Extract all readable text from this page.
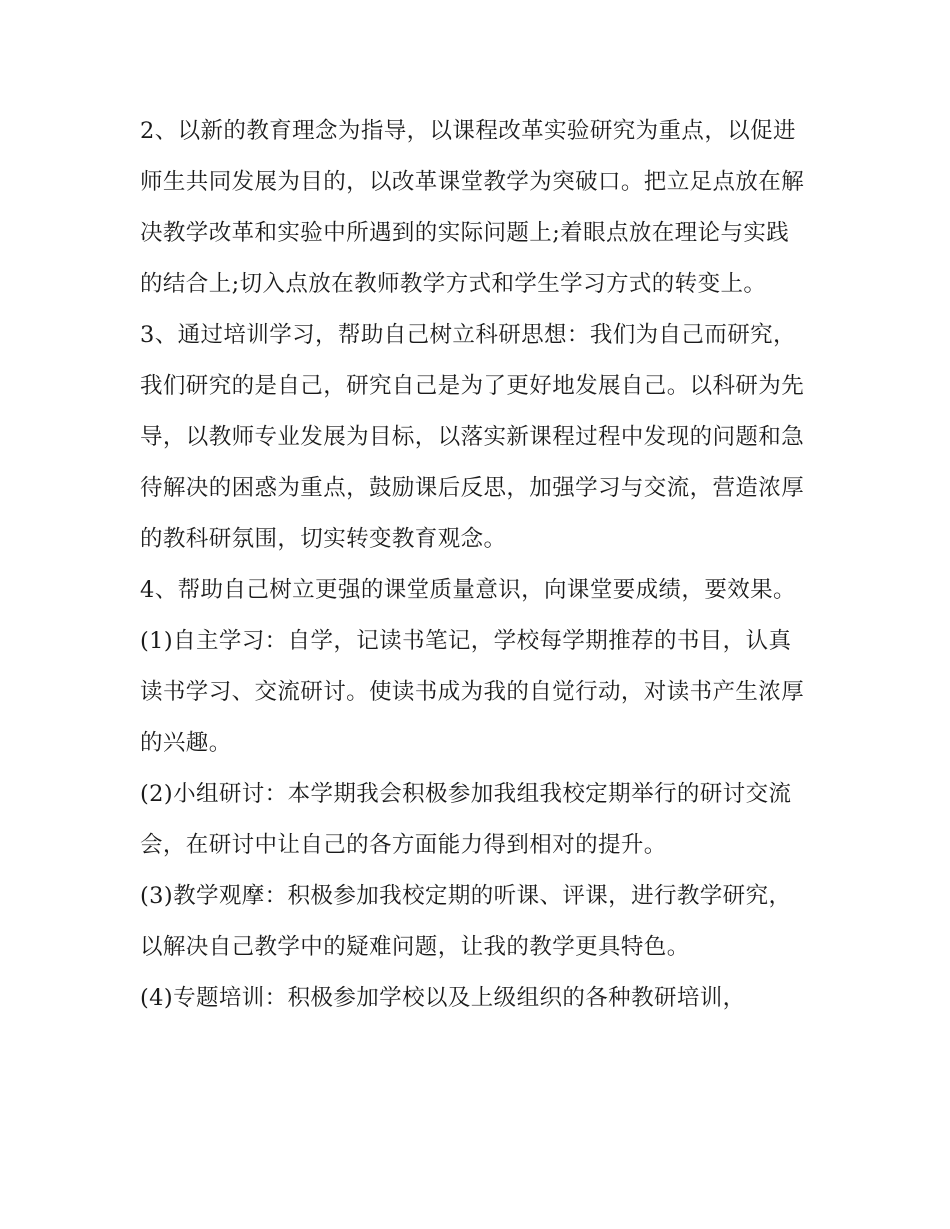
2、以新的教育理念为指导，以课程改革实验研究为重点，以促进师生共同发展为目的，以改革课堂教学为突破口。把立足点放在解决教学改革和实验中所遇到的实际问题上;着眼点放在理论与实践的结合上;切入点放在教师教学方式和学生学习方式的转变上。

3、通过培训学习，帮助自己树立科研思想：我们为自己而研究，我们研究的是自己，研究自己是为了更好地发展自己。以科研为先导，以教师专业发展为目标，以落实新课程过程中发现的问题和急待解决的困惑为重点，鼓励课后反思，加强学习与交流，营造浓厚的教科研氛围，切实转变教育观念。

4、帮助自己树立更强的课堂质量意识，向课堂要成绩，要效果。

(1)自主学习：自学，记读书笔记，学校每学期推荐的书目，认真读书学习、交流研讨。使读书成为我的自觉行动，对读书产生浓厚的兴趣。

(2)小组研讨：本学期我会积极参加我组我校定期举行的研讨交流会，在研讨中让自己的各方面能力得到相对的提升。

(3)教学观摩：积极参加我校定期的听课、评课，进行教学研究，以解决自己教学中的疑难问题，让我的教学更具特色。

(4)专题培训：积极参加学校以及上级组织的各种教研培训，
